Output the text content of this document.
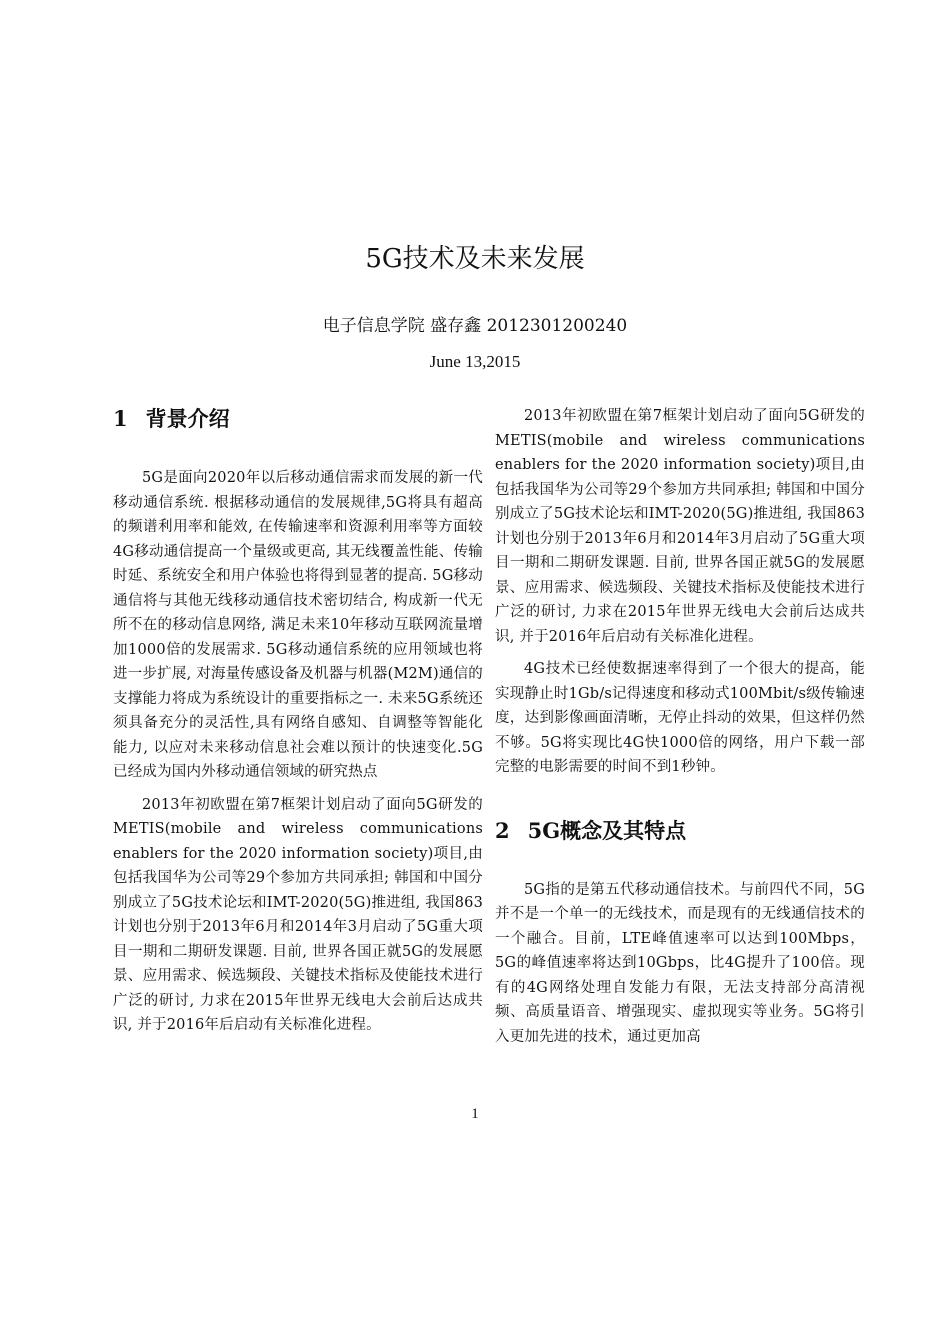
5G技术及未来发展
电子信息学院 盛存鑫 2012301200240
June 13,2015
1 背景介绍

5G是面向2020年以后移动通信需求而发展的新一代移动通信系统. 根据移动通信的发展规律,5G将具有超高的频谱利用率和能效, 在传输速率和资源利用率等方面较4G移动通信提高一个量级或更高, 其无线覆盖性能、传输时延、系统安全和用户体验也将得到显著的提高. 5G移动通信将与其他无线移动通信技术密切结合, 构成新一代无所不在的移动信息网络, 满足未来10年移动互联网流量增加1000倍的发展需求. 5G移动通信系统的应用领域也将进一步扩展, 对海量传感设备及机器与机器(M2M)通信的支撑能力将成为系统设计的重要指标之一. 未来5G系统还须具备充分的灵活性,具有网络自感知、自调整等智能化能力, 以应对未来移动信息社会难以预计的快速变化.5G已经成为国内外移动通信领域的研究热点

2013年初欧盟在第7框架计划启动了面向5G研发的METIS(mobile and wireless communications enablers for the 2020 information society)项目,由包括我国华为公司等29个参加方共同承担; 韩国和中国分别成立了5G技术论坛和IMT-2020(5G)推进组, 我国863计划也分别于2013年6月和2014年3月启动了5G重大项目一期和二期研发课题. 目前, 世界各国正就5G的发展愿景、应用需求、候选频段、关键技术指标及使能技术进行广泛的研讨, 力求在2015年世界无线电大会前后达成共识, 并于2016年后启动有关标准化进程。

2013年初欧盟在第7框架计划启动了面向5G研发的METIS(mobile and wireless communications enablers for the 2020 information society)项目,由包括我国华为公司等29个参加方共同承担; 韩国和中国分别成立了5G技术论坛和IMT-2020(5G)推进组, 我国863计划也分别于2013年6月和2014年3月启动了5G重大项目一期和二期研发课题. 目前, 世界各国正就5G的发展愿景、应用需求、候选频段、关键技术指标及使能技术进行广泛的研讨, 力求在2015年世界无线电大会前后达成共识, 并于2016年后启动有关标准化进程。

4G技术已经使数据速率得到了一个很大的提高，能实现静止时1Gb/s记得速度和移动式100Mbit/s级传输速度，达到影像画面清晰，无停止抖动的效果，但这样仍然不够。5G将实现比4G快1000倍的网络，用户下载一部完整的电影需要的时间不到1秒钟。

2 5G概念及其特点

5G指的是第五代移动通信技术。与前四代不同，5G并不是一个单一的无线技术，而是现有的无线通信技术的一个融合。目前，LTE峰值速率可以达到100Mbps，5G的峰值速率将达到10Gbps，比4G提升了100倍。现有的4G网络处理自发能力有限，无法支持部分高清视频、高质量语音、增强现实、虚拟现实等业务。5G将引入更加先进的技术，通过更加高

1
